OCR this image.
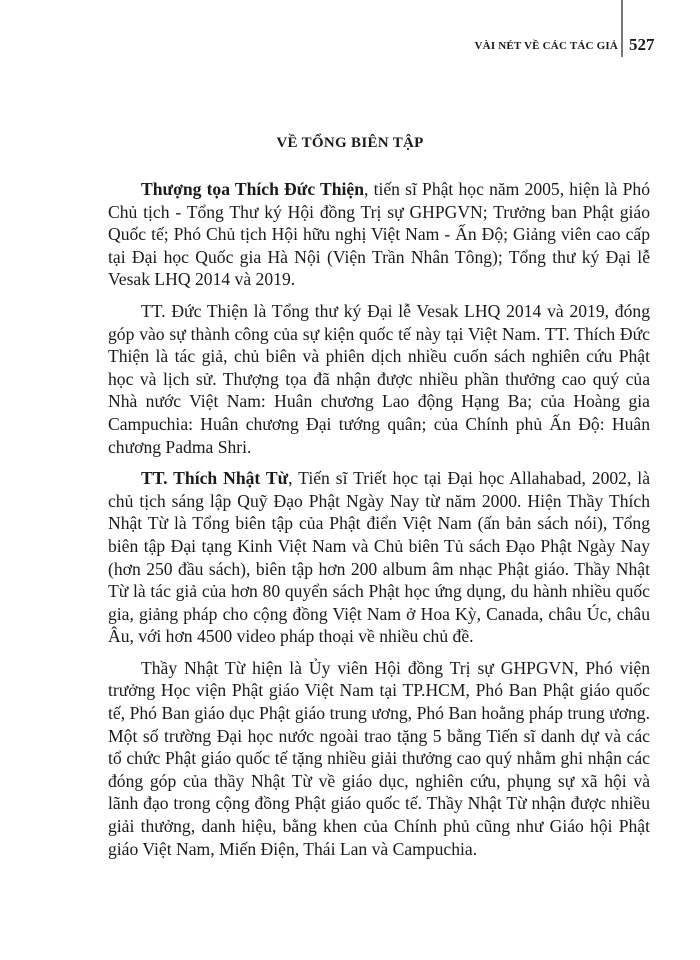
VÀI NÉT VỀ CÁC TÁC GIẢ 527
VỀ TỔNG BIÊN TẬP

Thượng tọa Thích Đức Thiện, tiến sĩ Phật học năm 2005, hiện là Phó Chủ tịch - Tổng Thư ký Hội đồng Trị sự GHPGVN; Trưởng ban Phật giáo Quốc tế; Phó Chủ tịch Hội hữu nghị Việt Nam - Ấn Độ; Giảng viên cao cấp tại Đại học Quốc gia Hà Nội (Viện Trần Nhân Tông); Tổng thư ký Đại lễ Vesak LHQ 2014 và 2019.

TT. Đức Thiện là Tổng thư ký Đại lễ Vesak LHQ 2014 và 2019, đóng góp vào sự thành công của sự kiện quốc tế này tại Việt Nam. TT. Thích Đức Thiện là tác giả, chủ biên và phiên dịch nhiều cuốn sách nghiên cứu Phật học và lịch sử. Thượng tọa đã nhận được nhiều phần thưởng cao quý của Nhà nước Việt Nam: Huân chương Lao động Hạng Ba; của Hoàng gia Campuchia: Huân chương Đại tướng quân; của Chính phủ Ấn Độ: Huân chương Padma Shri.

TT. Thích Nhật Từ, Tiến sĩ Triết học tại Đại học Allahabad, 2002, là chủ tịch sáng lập Quỹ Đạo Phật Ngày Nay từ năm 2000. Hiện Thầy Thích Nhật Từ là Tổng biên tập của Phật điển Việt Nam (ấn bản sách nói), Tổng biên tập Đại tạng Kinh Việt Nam và Chủ biên Tủ sách Đạo Phật Ngày Nay (hơn 250 đầu sách), biên tập hơn 200 album âm nhạc Phật giáo. Thầy Nhật Từ là tác giả của hơn 80 quyển sách Phật học ứng dụng, du hành nhiều quốc gia, giảng pháp cho cộng đồng Việt Nam ở Hoa Kỳ, Canada, châu Úc, châu Âu, với hơn 4500 video pháp thoại về nhiều chủ đề.

Thầy Nhật Từ hiện là Ủy viên Hội đồng Trị sự GHPGVN, Phó viện trưởng Học viện Phật giáo Việt Nam tại TP.HCM, Phó Ban Phật giáo quốc tế, Phó Ban giáo dục Phật giáo trung ương, Phó Ban hoằng pháp trung ương. Một số trường Đại học nước ngoài trao tặng 5 bằng Tiến sĩ danh dự và các tổ chức Phật giáo quốc tế tặng nhiều giải thưởng cao quý nhằm ghi nhận các đóng góp của thầy Nhật Từ về giáo dục, nghiên cứu, phụng sự xã hội và lãnh đạo trong cộng đồng Phật giáo quốc tế. Thầy Nhật Từ nhận được nhiều giải thưởng, danh hiệu, bằng khen của Chính phủ cũng như Giáo hội Phật giáo Việt Nam, Miến Điện, Thái Lan và Campuchia.
